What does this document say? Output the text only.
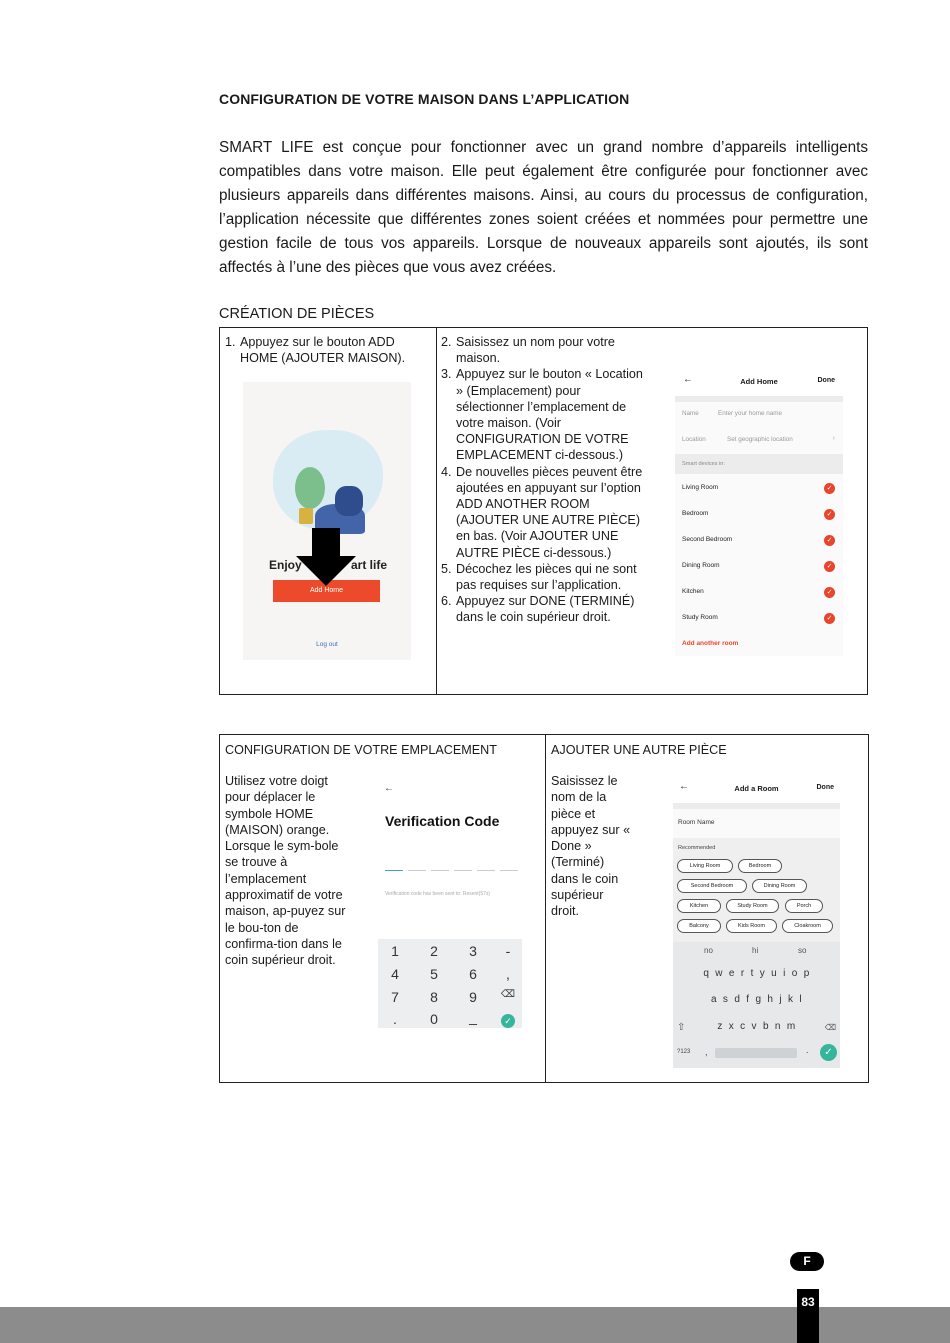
CONFIGURATION DE VOTRE MAISON DANS L’APPLICATION

SMART LIFE est conçue pour fonctionner avec un grand nombre d’appareils intelligents compatibles dans votre maison. Elle peut également être configurée pour fonctionner avec plusieurs appareils dans différentes maisons. Ainsi, au cours du processus de configuration, l’application nécessite que différentes zones soient créées et nommées pour permettre une gestion facile de tous vos appareils. Lorsque de nouveaux appareils sont ajoutés, ils sont affectés à l’une des pièces que vous avez créées.

CRÉATION DE PIÈCES
1. Appuyez sur le bouton ADD HOME (AJOUTER MAISON).
2. Saisissez un nom pour votre maison.
3. Appuyez sur le bouton « Location » (Emplacement) pour sélectionner l’emplacement de votre maison. (Voir CONFIGURATION DE VOTRE EMPLACEMENT ci-dessous.)
4. De nouvelles pièces peuvent être ajoutées en appuyant sur l’option ADD ANOTHER ROOM (AJOUTER UNE AUTRE PIÈCE) en bas. (Voir AJOUTER UNE AUTRE PIÈCE ci-dessous.)
5. Décochez les pièces qui ne sont pas requises sur l’application.
6. Appuyez sur DONE (TERMINÉ) dans le coin supérieur droit.
Enjoy	art life
Add Home
Log out
←	Add Home	Done
Name	Enter your home name
Location	Set geographic location	›
Smart devices in:
Living Room	✓
Bedroom	✓
Second Bedroom	✓
Dining Room	✓
Kitchen	✓
Study Room	✓
Add another room
CONFIGURATION DE VOTRE EMPLACEMENT
Utilisez votre doigt pour déplacer le symbole HOME (MAISON) orange. Lorsque le sym-bole se trouve à l’emplacement approximatif de votre maison, ap-puyez sur le bou-ton de confirma-tion dans le coin supérieur droit.
AJOUTER UNE AUTRE PIÈCE
Saisissez le nom de la pièce et appuyez sur « Done » (Terminé) dans le coin supérieur droit.
←
Verification Code
Verification code has been sent to: Resent(57s)
1	2	3	-
4	5	6	,
7	8	9	⌫
.	0	_	✓
←	Add a Room	Done
Room Name
Recommended
Living Room	Bedroom
Second Bedroom	Dining Room
Kitchen	Study Room	Porch
Balcony	Kids Room	Cloakroom
no	hi	so
qwertyuiop
asdfghjkl
zxcvbnm
⇧	⌫
?123 ,	.	✓
F
83
